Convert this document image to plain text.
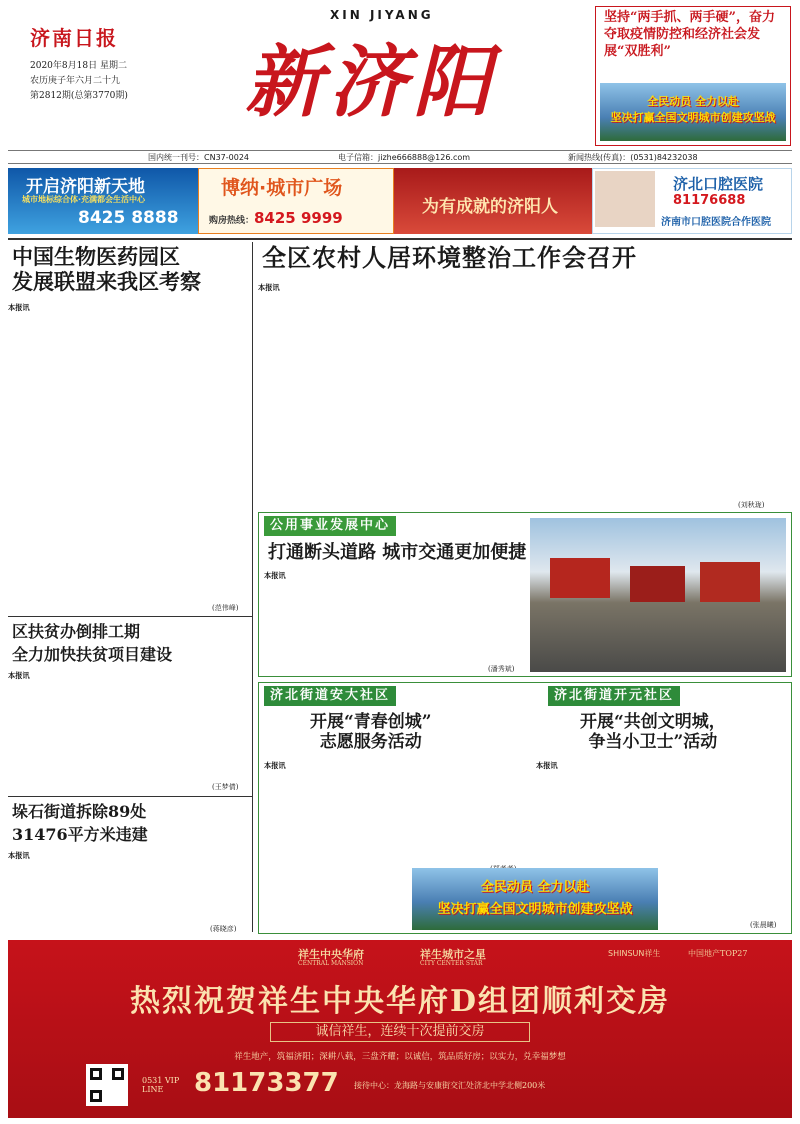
济南日报
2020年8月18日 星期二
农历庚子年六月二十九
第2812期(总第3770期)
XIN JIYANG
新济阳
坚持“两手抓、两手硬”，奋力夺取疫情防控和经济社会发展“双胜利”
全民动员 全力以赴
坚决打赢全国文明城市创建攻坚战
国内统一刊号：CN37-0024	电子信箱：jizhe666888@126.com	新闻热线(传真)：(0531)84232038
开启济阳新天地
城市地标综合体·充满都会生活中心
8425 8888
博纳·城市广场
购房热线： 8425 9999
为有成就的济阳人
济北口腔医院
81176688
济南市口腔医院合作医院
中国生物医药园区
发展联盟来我区考察
本报讯
(范伟峰)
全区农村人居环境整治工作会召开
本报讯
(刘秋珑)
公用事业发展中心
打通断头道路 城市交通更加便捷
本报讯
(潘秀斌)
区扶贫办倒排工期
全力加快扶贫项目建设
本报讯
(王梦倩)
垛石街道拆除89处
31476平方米违建
本报讯
(蒋晓彦)
济北街道安大社区
开展“青春创城”
志愿服务活动
本报讯
济北街道开元社区
开展“共创文明城，
争当小卫士”活动
本报讯
(张晨曦)
全民动员 全力以赴
坚决打赢全国文明城市创建攻坚战
祥生中央华府
CENTRAL MANSION
祥生城市之星
CITY CENTER STAR
SHINSUN祥生	中国地产TOP27
热烈祝贺祥生中央华府D组团顺利交房
诚信祥生，连续十次提前交房
祥生地产，筑福济阳；深耕八载，三盘齐耀；以诚信，筑品质好房；以实力，兑幸福梦想
0531 VIP LINE	81173377 接待中心：龙海路与安康街交汇处济北中学北侧200米
